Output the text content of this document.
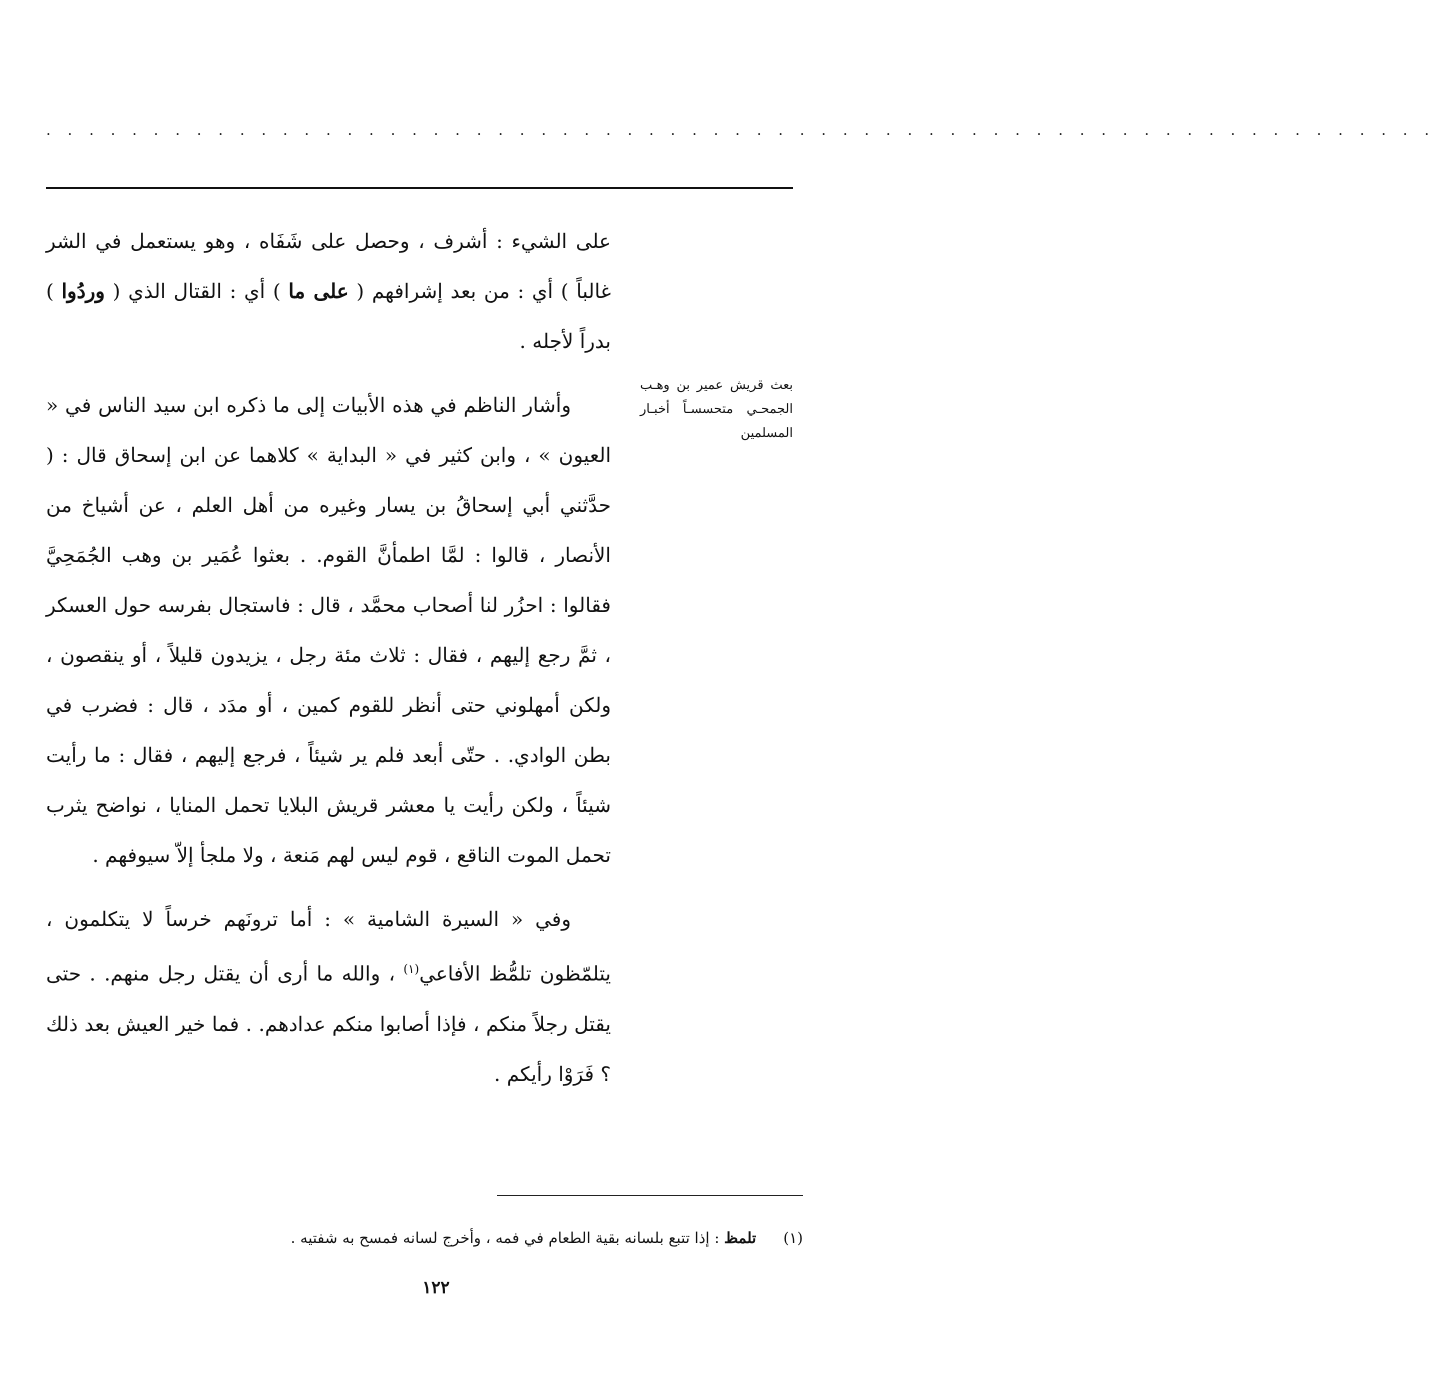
. . . . . . . . . . . . . . . . . . . . . . . . . . . . . . . . . . . . . . . . . . . . . . . . . . . . . . . . . . . . . . . . .

على الشيء : أشرف ، وحصل على شَفَاه ، وهو يستعمل في الشر غالباً ) أي : من بعد إشرافهم ( على ما ) أي : القتال الذي ( وردُوا ) بدراً لأجله .

وأشار الناظم في هذه الأبيات إلى ما ذكره ابن سيد الناس في « العيون » ، وابن كثير في « البداية » كلاهما عن ابن إسحاق قال : ( حدَّثني أبي إسحاقُ بن يسار وغيره من أهل العلم ، عن أشياخ من الأنصار ، قالوا : لمَّا اطمأنَّ القوم. . بعثوا عُمَير بن وهب الجُمَحِيَّ فقالوا : احزُر لنا أصحاب محمَّد ، قال : فاستجال بفرسه حول العسكر ، ثمَّ رجع إليهم ، فقال : ثلاث مئة رجل ، يزيدون قليلاً ، أو ينقصون ، ولكن أمهلوني حتى أنظر للقوم كمين ، أو مدَد ، قال : فضرب في بطن الوادي. . حتّى أبعد فلم ير شيئاً ، فرجع إليهم ، فقال : ما رأيت شيئاً ، ولكن رأيت يا معشر قريش البلايا تحمل المنايا ، نواضح يثرب تحمل الموت الناقع ، قوم ليس لهم مَنعة ، ولا ملجأ إلاّ سيوفهم .

وفي « السيرة الشامية » : أما ترونَهم خرساً لا يتكلمون ، يتلمّظون تلمُّظ الأفاعي$^{(١)}$ ، والله ما أرى أن يقتل رجل منهم. . حتى يقتل رجلاً منكم ، فإذا أصابوا منكم عدادهم. . فما خير العيش بعد ذلك ؟ فَرَوْا رأيكم .

بعث قريش عمير بن وهـب الجمحـي متحسسـاً أخبـار المسلمين
(١) تلمظ : إذا تتبع بلسانه بقية الطعام في فمه ، وأخرج لسانه فمسح به شفتيه .
١٢٢
